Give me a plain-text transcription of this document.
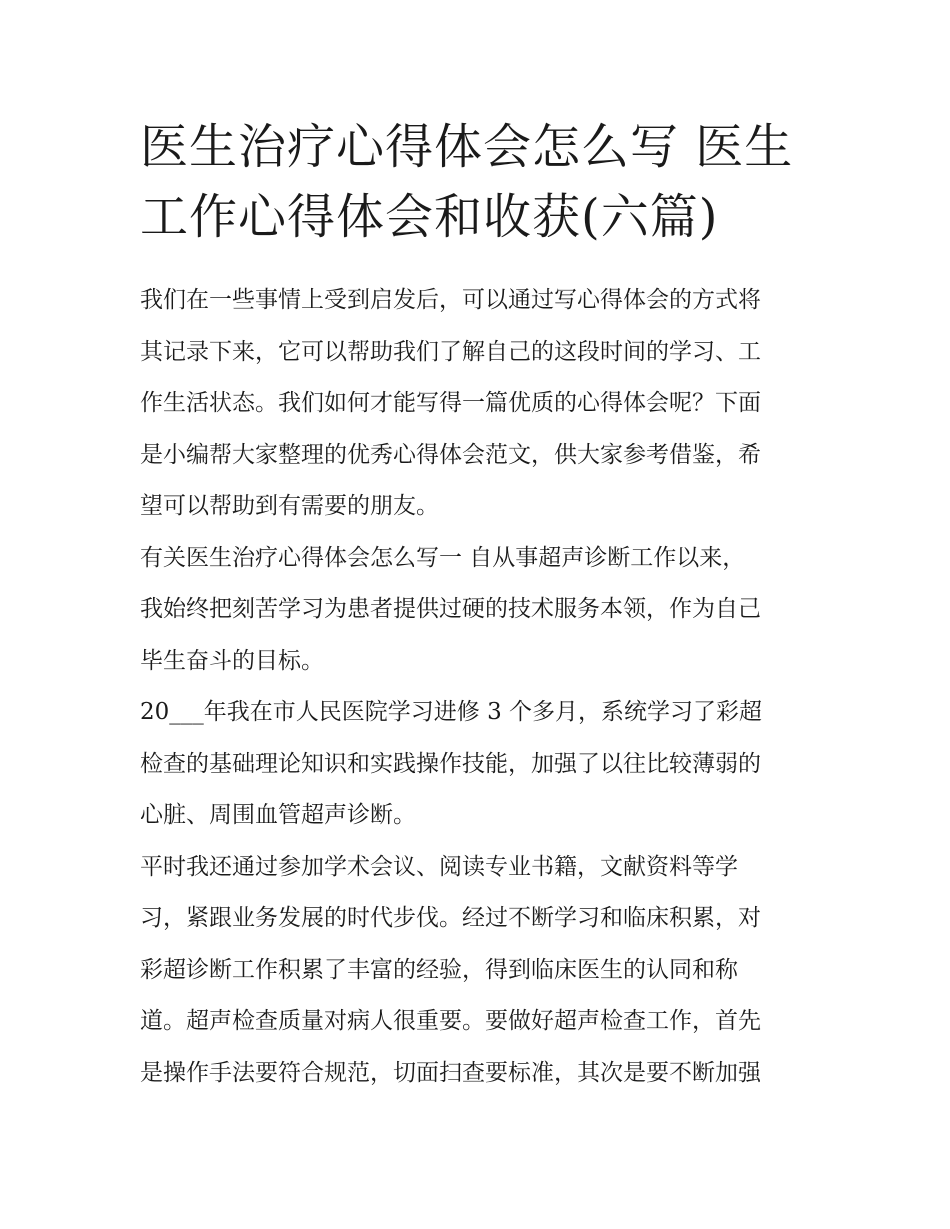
医生治疗心得体会怎么写 医生
工作心得体会和收获(六篇)
我们在一些事情上受到启发后，可以通过写心得体会的方式将
其记录下来，它可以帮助我们了解自己的这段时间的学习、工
作生活状态。我们如何才能写得一篇优质的心得体会呢？下面
是小编帮大家整理的优秀心得体会范文，供大家参考借鉴，希
望可以帮助到有需要的朋友。
有关医生治疗心得体会怎么写一 自从事超声诊断工作以来，
我始终把刻苦学习为患者提供过硬的技术服务本领，作为自己
毕生奋斗的目标。
20___年我在市人民医院学习进修 3 个多月，系统学习了彩超
检查的基础理论知识和实践操作技能，加强了以往比较薄弱的
心脏、周围血管超声诊断。
平时我还通过参加学术会议、阅读专业书籍，文献资料等学
习，紧跟业务发展的时代步伐。经过不断学习和临床积累，对
彩超诊断工作积累了丰富的经验，得到临床医生的认同和称
道。超声检查质量对病人很重要。要做好超声检查工作，首先
是操作手法要符合规范，切面扫查要标准，其次是要不断加强
